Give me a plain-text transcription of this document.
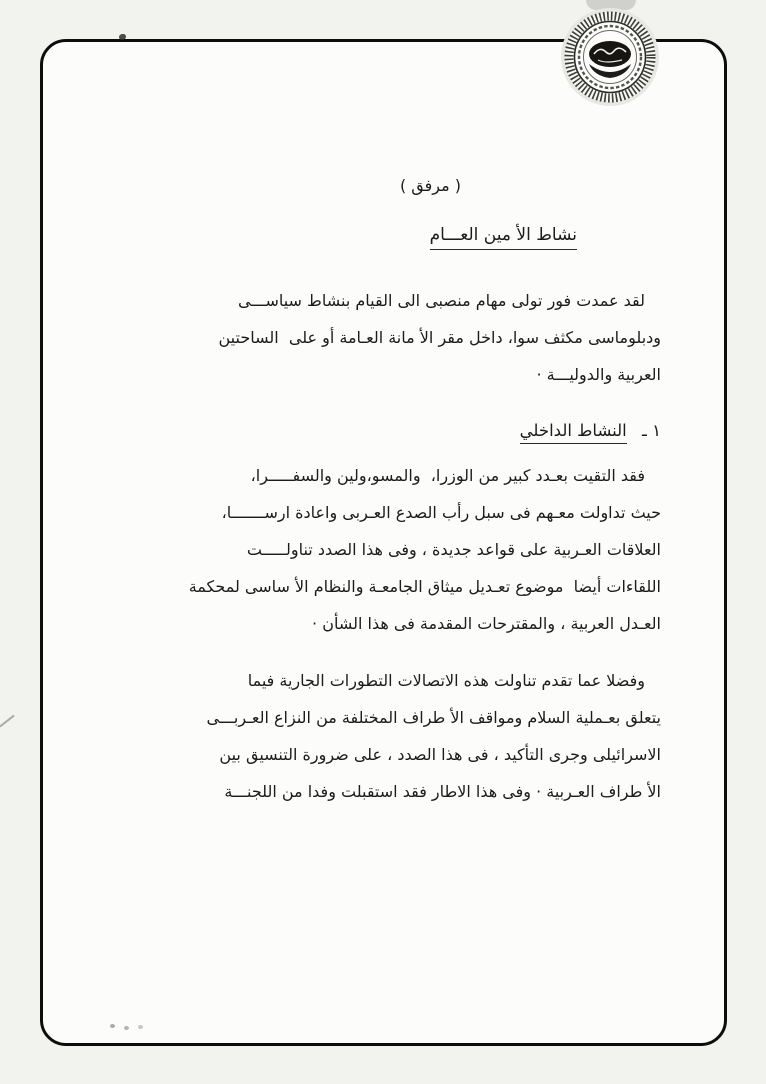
( مرفق )
نشاط الأ مين العـــام
لقد عمدت فور تولى مهام منصبى الى القيام بنشاط سياســـى
ودبلوماسى مكثف سوا، داخل مقر الأ مانة العـامة أو على  الساحتين
العربية والدوليـــة ·
١ ـ النشاط الداخلي
فقد التقيت بعـدد كبير من الوزرا،  والمسو،ولين والسفـــــرا،
حيث تداولت معـهم فى سبل رأب الصدع العـربى واعادة ارســـــــا،
العلاقات العـربية على قواعد جديدة ، وفى هذا الصدد تناولـــــت
اللقاءات أيضا  موضوع تعـديل ميثاق الجامعـة والنظام الأ ساسى لمحكمة
العـدل العربية ، والمقترحات المقدمة فى هذا الشأن ·
وفضلا عما تقدم تناولت هذه الاتصالات التطورات الجارية فيما
يتعلق بعـملية السلام ومواقف الأ طراف المختلفة من النزاع العـربـــى
الاسرائيلى وجرى التأكيد ، فى هذا الصدد ، على ضرورة التنسيق بين
الأ طراف العـربية · وفى هذا الاطار فقد استقبلت وفدا من اللجنـــة
